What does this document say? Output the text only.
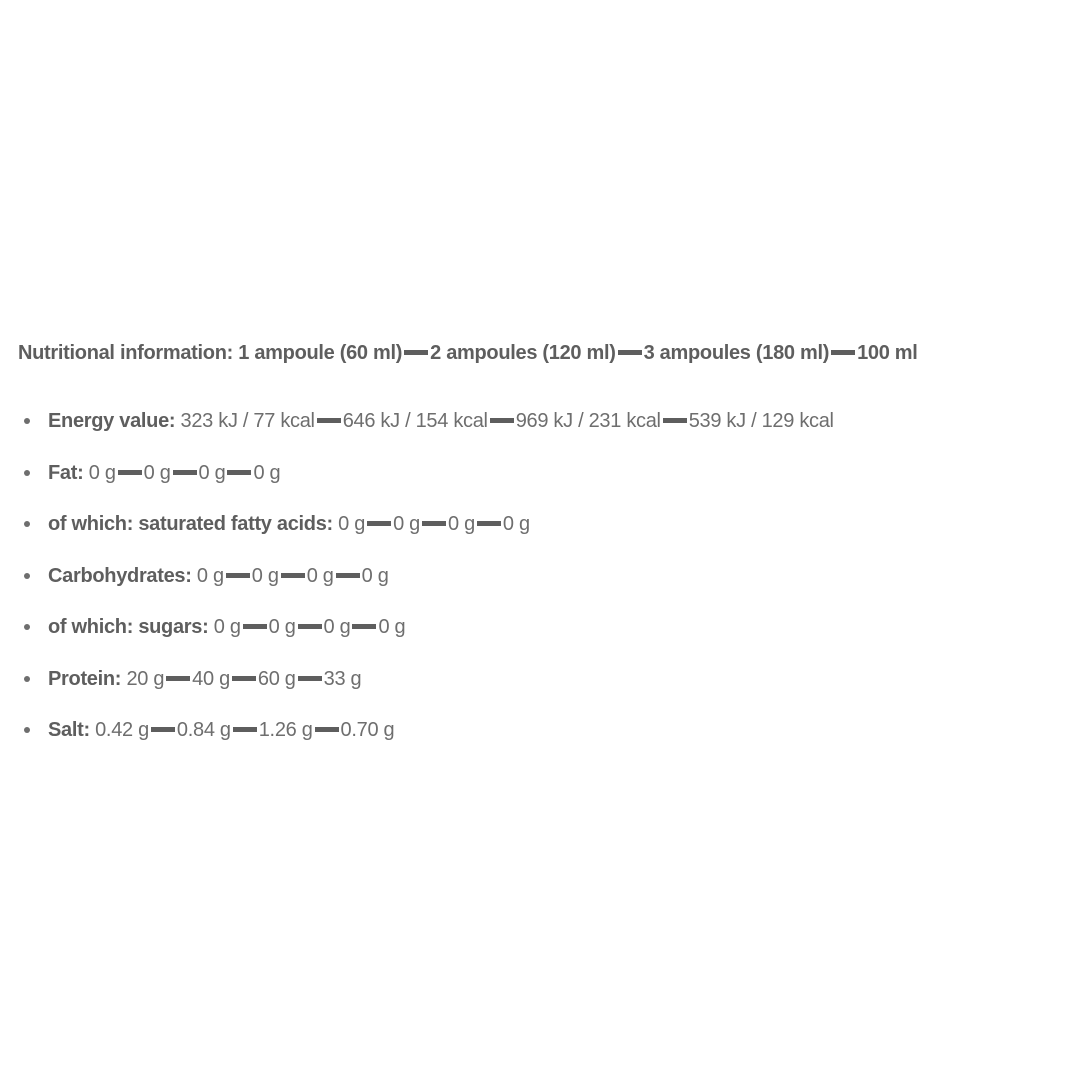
Nutritional information: 1 ampoule (60 ml) 2 ampoules (120 ml) 3 ampoules (180 ml) 100 ml

Energy value: 323 kJ / 77 kcal 646 kJ / 154 kcal 969 kJ / 231 kcal 539 kJ / 129 kcal
Fat: 0 g 0 g 0 g 0 g
of which: saturated fatty acids: 0 g 0 g 0 g 0 g
Carbohydrates: 0 g 0 g 0 g 0 g
of which: sugars: 0 g 0 g 0 g 0 g
Protein: 20 g 40 g 60 g 33 g
Salt: 0.42 g 0.84 g 1.26 g 0.70 g
